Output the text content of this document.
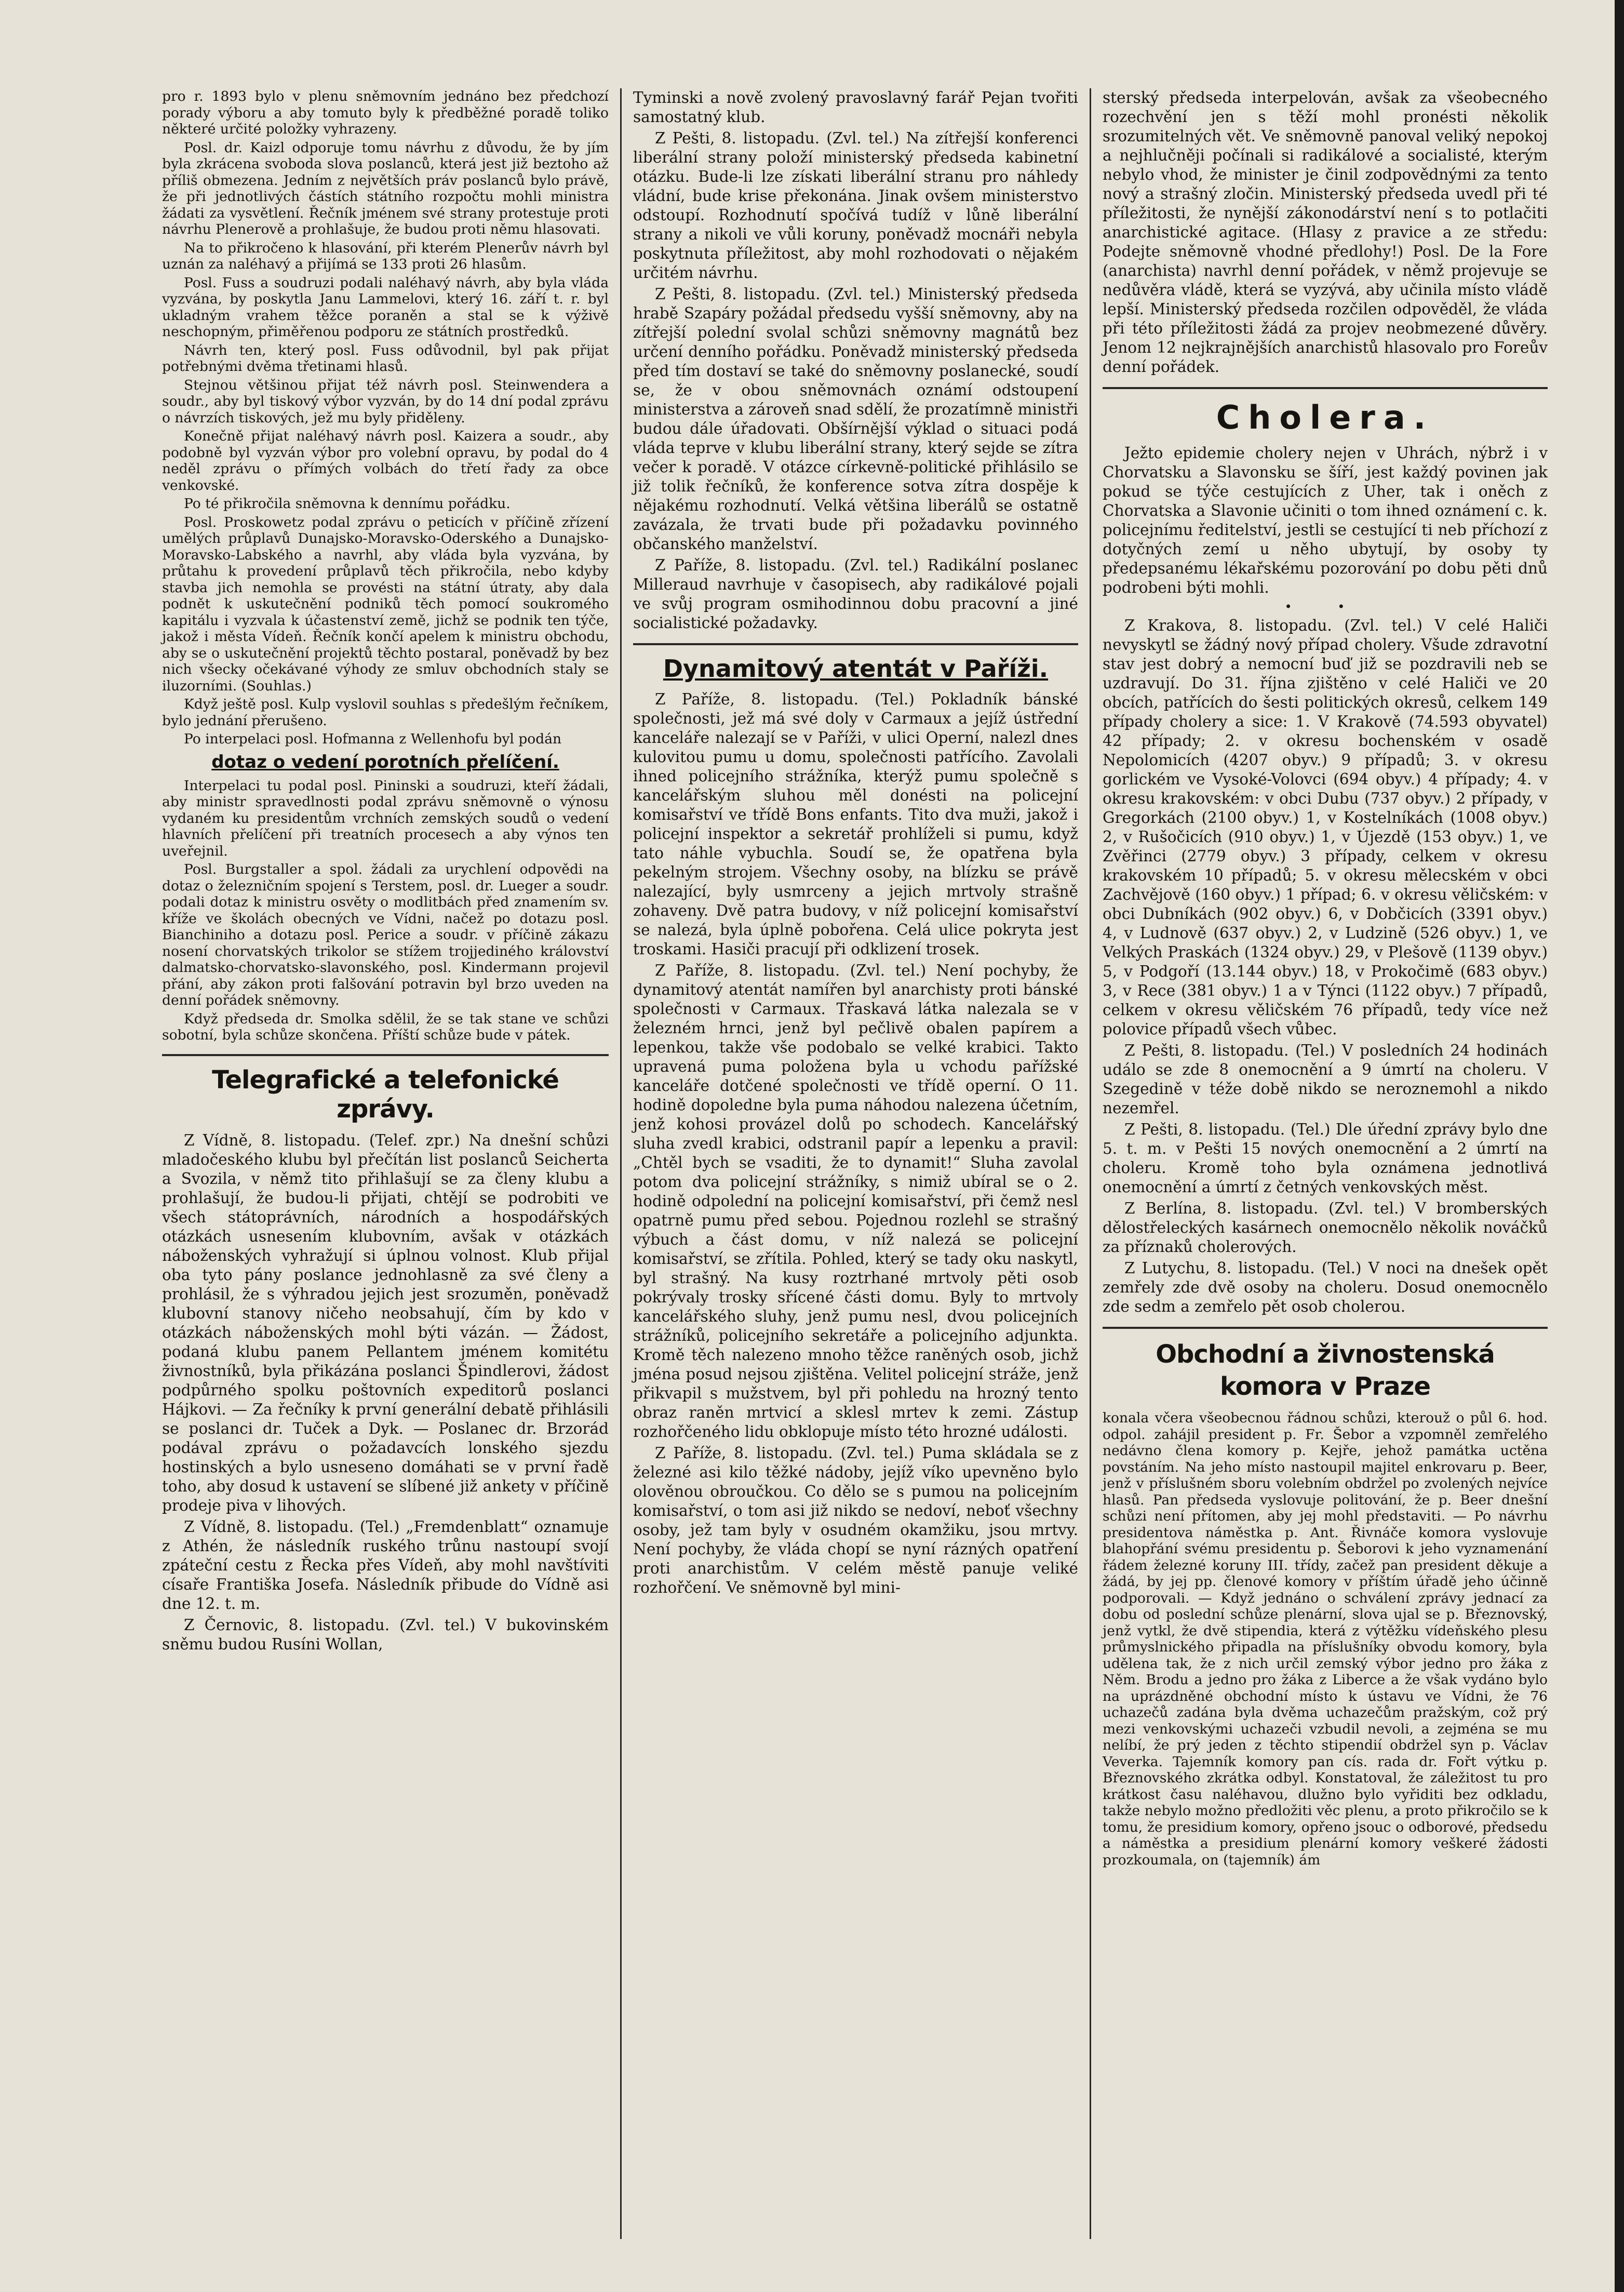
pro r. 1893 bylo v plenu sněmovním jednáno bez předchozí porady výboru a aby tomuto byly k předběžné poradě toliko některé určité položky vyhrazeny.

Posl. dr. Kaizl odporuje tomu návrhu z důvodu, že by jím byla zkrácena svoboda slova poslanců, která jest již beztoho až příliš obmezena. Jedním z největších práv poslanců bylo právě, že při jednotlivých částích státního rozpočtu mohli ministra žádati za vysvětlení. Řečník jménem své strany protestuje proti návrhu Plenerově a prohlašuje, že budou proti němu hlasovati.

Na to přikročeno k hlasování, při kterém Plenerův návrh byl uznán za naléhavý a přijímá se 133 proti 26 hlasům.

Posl. Fuss a soudruzi podali naléhavý návrh, aby byla vláda vyzvána, by poskytla Janu Lammelovi, který 16. září t. r. byl ukladným vrahem těžce poraněn a stal se k výživě neschopným, přiměřenou podporu ze státních prostředků.

Návrh ten, který posl. Fuss odůvodnil, byl pak přijat potřebnými dvěma třetinami hlasů.

Stejnou většinou přijat též návrh posl. Steinwendera a soudr., aby byl tiskový výbor vyzván, by do 14 dní podal zprávu o návrzích tiskových, jež mu byly přiděleny.

Konečně přijat naléhavý návrh posl. Kaizera a soudr., aby podobně byl vyzván výbor pro volební opravu, by podal do 4 neděl zprávu o přímých volbách do třetí řady za obce venkovské.

Po té přikročila sněmovna k dennímu pořádku.

Posl. Proskowetz podal zprávu o peticích v příčině zřízení umělých průplavů Dunajsko-Moravsko-Oderského a Dunajsko-Moravsko-Labského a navrhl, aby vláda byla vyzvána, by průtahu k provedení průplavů těch přikročila, nebo kdyby stavba jich nemohla se provésti na státní útraty, aby dala podnět k uskutečnění podniků těch pomocí soukromého kapitálu i vyzvala k účastenství země, jichž se podnik ten týče, jakož i města Vídeň. Řečník končí apelem k ministru obchodu, aby se o uskutečnění projektů těchto postaral, poněvadž by bez nich všecky očekávané výhody ze smluv obchodních staly se iluzorními. (Souhlas.)

Když ještě posl. Kulp vyslovil souhlas s předešlým řečníkem, bylo jednání přerušeno.

Po interpelaci posl. Hofmanna z Wellenhofu byl podán

dotaz o vedení porotních přelíčení.

Interpelaci tu podal posl. Pininski a soudruzi, kteří žádali, aby ministr spravedlnosti podal zprávu sněmovně o výnosu vydaném ku presidentům vrchních zemských soudů o vedení hlavních přelíčení při treatních procesech a aby výnos ten uveřejnil.

Posl. Burgstaller a spol. žádali za urychlení odpovědi na dotaz o železničním spojení s Terstem, posl. dr. Lueger a soudr. podali dotaz k ministru osvěty o modlitbách před znamením sv. kříže ve školách obecných ve Vídni, načež po dotazu posl. Bianchiniho a dotazu posl. Perice a soudr. v příčině zákazu nosení chorvatských trikolor se stížem trojjediného království dalmatsko-chorvatsko-slavonského, posl. Kindermann projevil přání, aby zákon proti falšování potravin byl brzo uveden na denní pořádek sněmovny.

Když předseda dr. Smolka sdělil, že se tak stane ve schůzi sobotní, byla schůze skončena. Příští schůze bude v pátek.

Telegrafické a telefonické zprávy.

Z Vídně, 8. listopadu. (Telef. zpr.) Na dnešní schůzi mladočeského klubu byl přečítán list poslanců Seicherta a Svozila, v němž tito přihlašují se za členy klubu a prohlašují, že budou-li přijati, chtějí se podrobiti ve všech státoprávních, národních a hospodářských otázkách usnesením klubovním, avšak v otázkách náboženských vyhražují si úplnou volnost. Klub přijal oba tyto pány poslance jednohlasně za své členy a prohlásil, že s výhradou jejich jest srozuměn, poněvadž klubovní stanovy ničeho neobsahují, čím by kdo v otázkách náboženských mohl býti vázán. — Žádost, podaná klubu panem Pellantem jménem komitétu živnostníků, byla přikázána poslanci Špindlerovi, žádost podpůrného spolku poštovních expeditorů poslanci Hájkovi. — Za řečníky k první generální debatě přihlásili se poslanci dr. Tuček a Dyk. — Poslanec dr. Brzorád podával zprávu o požadavcích lonského sjezdu hostinských a bylo usneseno domáhati se v první řadě toho, aby dosud k ustavení se slíbené již ankety v příčině prodeje piva v lihových.

Z Vídně, 8. listopadu. (Tel.) „Fremdenblatt“ oznamuje z Athén, že následník ruského trůnu nastoupí svojí zpáteční cestu z Řecka přes Vídeň, aby mohl navštíviti císaře Františka Josefa. Následník přibude do Vídně asi dne 12. t. m.

Z Černovic, 8. listopadu. (Zvl. tel.) V bukovinském sněmu budou Rusíni Wollan,

Tyminski a nově zvolený pravoslavný farář Pejan tvořiti samostatný klub.

Z Pešti, 8. listopadu. (Zvl. tel.) Na zítřejší konferenci liberální strany položí ministerský předseda kabinetní otázku. Bude-li lze získati liberální stranu pro náhledy vládní, bude krise překonána. Jinak ovšem ministerstvo odstoupí. Rozhodnutí spočívá tudíž v lůně liberální strany a nikoli ve vůli koruny, poněvadž mocnáři nebyla poskytnuta příležitost, aby mohl rozhodovati o nějakém určitém návrhu.

Z Pešti, 8. listopadu. (Zvl. tel.) Ministerský předseda hrabě Szapáry požádal předsedu vyšší sněmovny, aby na zítřejší polední svolal schůzi sněmovny magnátů bez určení denního pořádku. Poněvadž ministerský předseda před tím dostaví se také do sněmovny poslanecké, soudí se, že v obou sněmovnách oznámí odstoupení ministerstva a zároveň snad sdělí, že prozatímně ministři budou dále úřadovati. Obšírnější výklad o situaci podá vláda teprve v klubu liberální strany, který sejde se zítra večer k poradě. V otázce církevně-politické přihlásilo se již tolik řečníků, že konference sotva zítra dospěje k nějakému rozhodnutí. Velká většina liberálů se ostatně zavázala, že trvati bude při požadavku povinného občanského manželství.

Z Paříže, 8. listopadu. (Zvl. tel.) Radikální poslanec Milleraud navrhuje v časopisech, aby radikálové pojali ve svůj program osmihodinnou dobu pracovní a jiné socialistické požadavky.

Dynamitový atentát v Paříži.

Z Paříže, 8. listopadu. (Tel.) Pokladník bánské společnosti, jež má své doly v Carmaux a jejíž ústřední kanceláře nalezají se v Paříži, v ulici Operní, nalezl dnes kulovitou pumu u domu, společnosti patřícího. Zavolali ihned policejního strážníka, kterýž pumu společně s kancelářským sluhou měl donésti na policejní komisařství ve třídě Bons enfants. Tito dva muži, jakož i policejní inspektor a sekretář prohlíželi si pumu, když tato náhle vybuchla. Soudí se, že opatřena byla pekelným strojem. Všechny osoby, na blízku se právě nalezající, byly usmrceny a jejich mrtvoly strašně zohaveny. Dvě patra budovy, v níž policejní komisařství se nalezá, byla úplně pobořena. Celá ulice pokryta jest troskami. Hasiči pracují při odklizení trosek.

Z Paříže, 8. listopadu. (Zvl. tel.) Není pochyby, že dynamitový atentát namířen byl anarchisty proti bánské společnosti v Carmaux. Třaskavá látka nalezala se v železném hrnci, jenž byl pečlivě obalen papírem a lepenkou, takže vše podobalo se velké krabici. Takto upravená puma položena byla u vchodu pařížské kanceláře dotčené společnosti ve třídě operní. O 11. hodině dopoledne byla puma náhodou nalezena účetním, jenž kohosi provázel dolů po schodech. Kancelářský sluha zvedl krabici, odstranil papír a lepenku a pravil: „Chtěl bych se vsaditi, že to dynamit!“ Sluha zavolal potom dva policejní strážníky, s nimiž ubíral se o 2. hodině odpolední na policejní komisařství, při čemž nesl opatrně pumu před sebou. Pojednou rozlehl se strašný výbuch a část domu, v níž nalezá se policejní komisařství, se zřítila. Pohled, který se tady oku naskytl, byl strašný. Na kusy roztrhané mrtvoly pěti osob pokrývaly trosky sřícené části domu. Byly to mrtvoly kancelářského sluhy, jenž pumu nesl, dvou policejních strážníků, policejního sekretáře a policejního adjunkta. Kromě těch nalezeno mnoho těžce raněných osob, jichž jména posud nejsou zjištěna. Velitel policejní stráže, jenž přikvapil s mužstvem, byl při pohledu na hrozný tento obraz raněn mrtvicí a sklesl mrtev k zemi. Zástup rozhořčeného lidu obklopuje místo této hrozné události.

Z Paříže, 8. listopadu. (Zvl. tel.) Puma skládala se z železné asi kilo těžké nádoby, jejíž víko upevněno bylo olověnou obroučkou. Co dělo se s pumou na policejním komisařství, o tom asi již nikdo se nedoví, neboť všechny osoby, jež tam byly v osudném okamžiku, jsou mrtvy. Není pochyby, že vláda chopí se nyní rázných opatření proti anarchistům. V celém městě panuje veliké rozhořčení. Ve sněmovně byl mini-

sterský předseda interpelován, avšak za všeobecného rozechvění jen s těží mohl pronésti několik srozumitelných vět. Ve sněmovně panoval veliký nepokoj a nejhlučněji počínali si radikálové a socialisté, kterým nebylo vhod, že minister je činil zodpovědnými za tento nový a strašný zločin. Ministerský předseda uvedl při té příležitosti, že nynější zákonodárství není s to potlačiti anarchistické agitace. (Hlasy z pravice a ze středu: Podejte sněmovně vhodné předlohy!) Posl. De la Fore (anarchista) navrhl denní pořádek, v němž projevuje se nedůvěra vládě, která se vyzývá, aby učinila místo vládě lepší. Ministerský předseda rozčilen odpověděl, že vláda při této příležitosti žádá za projev neobmezené důvěry. Jenom 12 nejkrajnějších anarchistů hlasovalo pro Foreův denní pořádek.

Cholera.

Ježto epidemie cholery nejen v Uhrách, nýbrž i v Chorvatsku a Slavonsku se šíří, jest každý povinen jak pokud se týče cestujících z Uher, tak i oněch z Chorvatska a Slavonie učiniti o tom ihned oznámení c. k. policejnímu ředitelství, jestli se cestující ti neb příchozí z dotyčných zemí u něho ubytují, by osoby ty předepsanému lékařskému pozorování po dobu pěti dnů podrobeni býti mohli.

• •

Z Krakova, 8. listopadu. (Zvl. tel.) V celé Haliči nevyskytl se žádný nový případ cholery. Všude zdravotní stav jest dobrý a nemocní buď již se pozdravili neb se uzdravují. Do 31. října zjištěno v celé Haliči ve 20 obcích, patřících do šesti politických okresů, celkem 149 případy cholery a sice: 1. V Krakově (74.593 obyvatel) 42 případy; 2. v okresu bochenském v osadě Nepolomicích (4207 obyv.) 9 případů; 3. v okresu gorlickém ve Vysoké-Volovci (694 obyv.) 4 případy; 4. v okresu krakovském: v obci Dubu (737 obyv.) 2 případy, v Gregorkách (2100 obyv.) 1, v Kostelníkách (1008 obyv.) 2, v Rušočicích (910 obyv.) 1, v Újezdě (153 obyv.) 1, ve Zvěřinci (2779 obyv.) 3 případy, celkem v okresu krakovském 10 případů; 5. v okresu mělecském v obci Zachvějově (160 obyv.) 1 případ; 6. v okresu věličském: v obci Dubníkách (902 obyv.) 6, v Dobčicích (3391 obyv.) 4, v Ludnově (637 obyv.) 2, v Ludzině (526 obyv.) 1, ve Velkých Praskách (1324 obyv.) 29, v Plešově (1139 obyv.) 5, v Podgoří (13.144 obyv.) 18, v Prokočimě (683 obyv.) 3, v Rece (381 obyv.) 1 a v Týnci (1122 obyv.) 7 případů, celkem v okresu věličském 76 případů, tedy více než polovice případů všech vůbec.

Z Pešti, 8. listopadu. (Tel.) V posledních 24 hodinách událo se zde 8 onemocnění a 9 úmrtí na choleru. V Szegedině v téže době nikdo se neroznemohl a nikdo nezemřel.

Z Pešti, 8. listopadu. (Tel.) Dle úřední zprávy bylo dne 5. t. m. v Pešti 15 nových onemocnění a 2 úmrtí na choleru. Kromě toho byla oznámena jednotlivá onemocnění a úmrtí z četných venkovských měst.

Z Berlína, 8. listopadu. (Zvl. tel.) V bromberských dělostřeleckých kasárnech onemocnělo několik nováčků za příznaků cholerových.

Z Lutychu, 8. listopadu. (Tel.) V noci na dnešek opět zemřely zde dvě osoby na choleru. Dosud onemocnělo zde sedm a zemřelo pět osob cholerou.

Obchodní a živnostenská komora v Praze

konala včera všeobecnou řádnou schůzi, kterouž o půl 6. hod. odpol. zahájil president p. Fr. Šebor a vzpomněl zemřelého nedávno člena komory p. Kejře, jehož památka uctěna povstáním. Na jeho místo nastoupil majitel enkrovaru p. Beer, jenž v příslušném sboru volebním obdržel po zvolených nejvíce hlasů. Pan předseda vyslovuje politování, že p. Beer dnešní schůzi není přítomen, aby jej mohl představiti. — Po návrhu presidentova náměstka p. Ant. Řivnáče komora vyslovuje blahopřání svému presidentu p. Šeborovi k jeho vyznamenání řádem železné koruny III. třídy, začež pan president děkuje a žádá, by jej pp. členové komory v příštím úřadě jeho účinně podporovali. — Když jednáno o schválení zprávy jednací za dobu od poslední schůze plenární, slova ujal se p. Březnovský, jenž vytkl, že dvě stipendia, která z výtěžku vídeňského plesu průmyslnického připadla na příslušníky obvodu komory, byla udělena tak, že z nich určil zemský výbor jedno pro žáka z Něm. Brodu a jedno pro žáka z Liberce a že však vydáno bylo na uprázdněné obchodní místo k ústavu ve Vídni, že 76 uchazečů zadána byla dvěma uchazečům pražským, což prý mezi venkovskými uchazeči vzbudil nevoli, a zejména se mu nelíbí, že prý jeden z těchto stipendií obdržel syn p. Václav Veverka. Tajemník komory pan cís. rada dr. Fořt výtku p. Březnovského zkrátka odbyl. Konstatoval, že záležitost tu pro krátkost času naléhavou, dlužno bylo vyřiditi bez odkladu, takže nebylo možno předložiti věc plenu, a proto přikročilo se k tomu, že presidium komory, opřeno jsouc o odborové, předsedu a náměstka a presidium plenární komory veškeré žádosti prozkoumala, on (tajemník) ám
